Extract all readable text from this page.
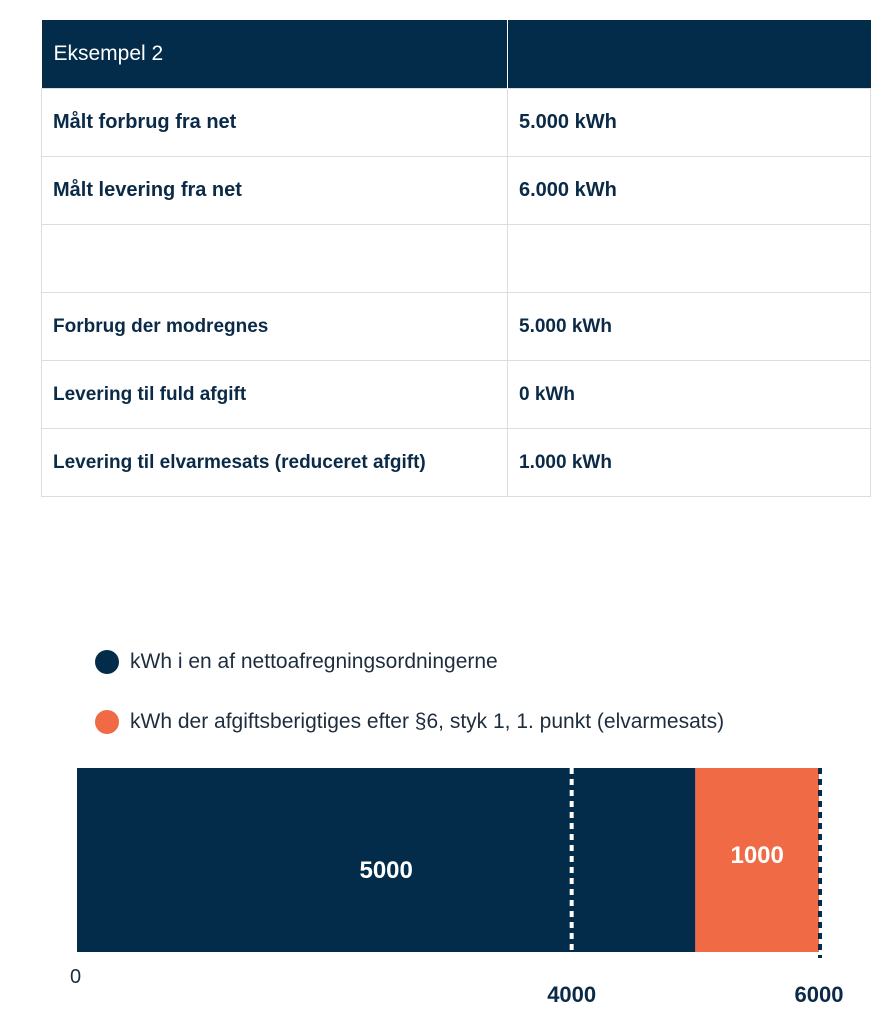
Eksempel 2	
Målt forbrug fra net	5.000 kWh
Målt levering fra net	6.000 kWh

Forbrug der modregnes	5.000 kWh
Levering til fuld afgift	0 kWh
Levering til elvarmesats (reduceret afgift)	1.000 kWh
kWh i en af nettoafregningsordningerne
kWh der afgiftsberigtiges efter §6, styk 1, 1. punkt (elvarmesats)
5000
1000
0
4000	6000
